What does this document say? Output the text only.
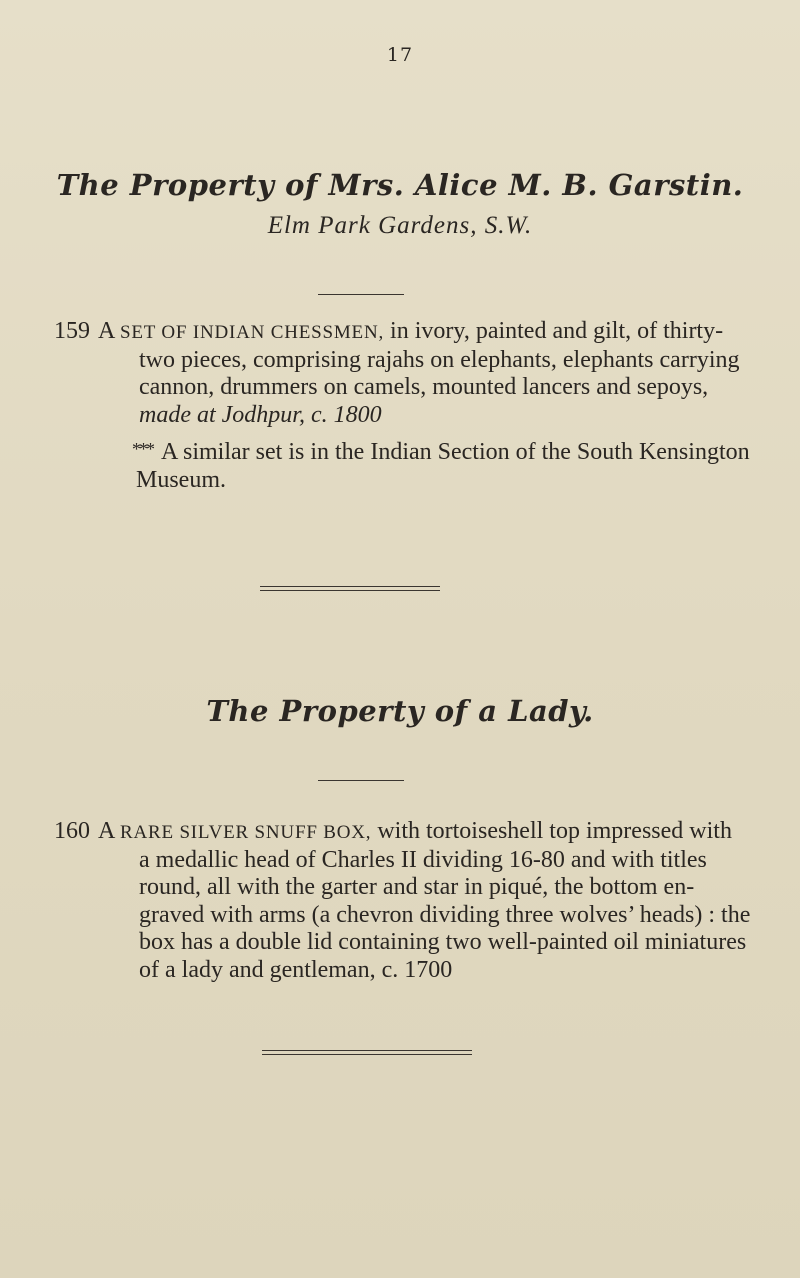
17
The Property of Mrs. Alice M. B. Garstin.
Elm Park Gardens, S.W.
159 A SET OF INDIAN CHESSMEN, in ivory, painted and gilt, of thirty-
two pieces, comprising rajahs on elephants, elephants carrying
cannon, drummers on camels, mounted lancers and sepoys,
made at Jodhpur, c. 1800
*** A similar set is in the Indian Section of the South Kensington
Museum.
The Property of a Lady.
160 A RARE SILVER SNUFF BOX, with tortoiseshell top impressed with
a medallic head of Charles II dividing 16-80 and with titles
round, all with the garter and star in piqué, the bottom en-
graved with arms (a chevron dividing three wolves’ heads) : the
box has a double lid containing two well-painted oil miniatures
of a lady and gentleman, c. 1700
